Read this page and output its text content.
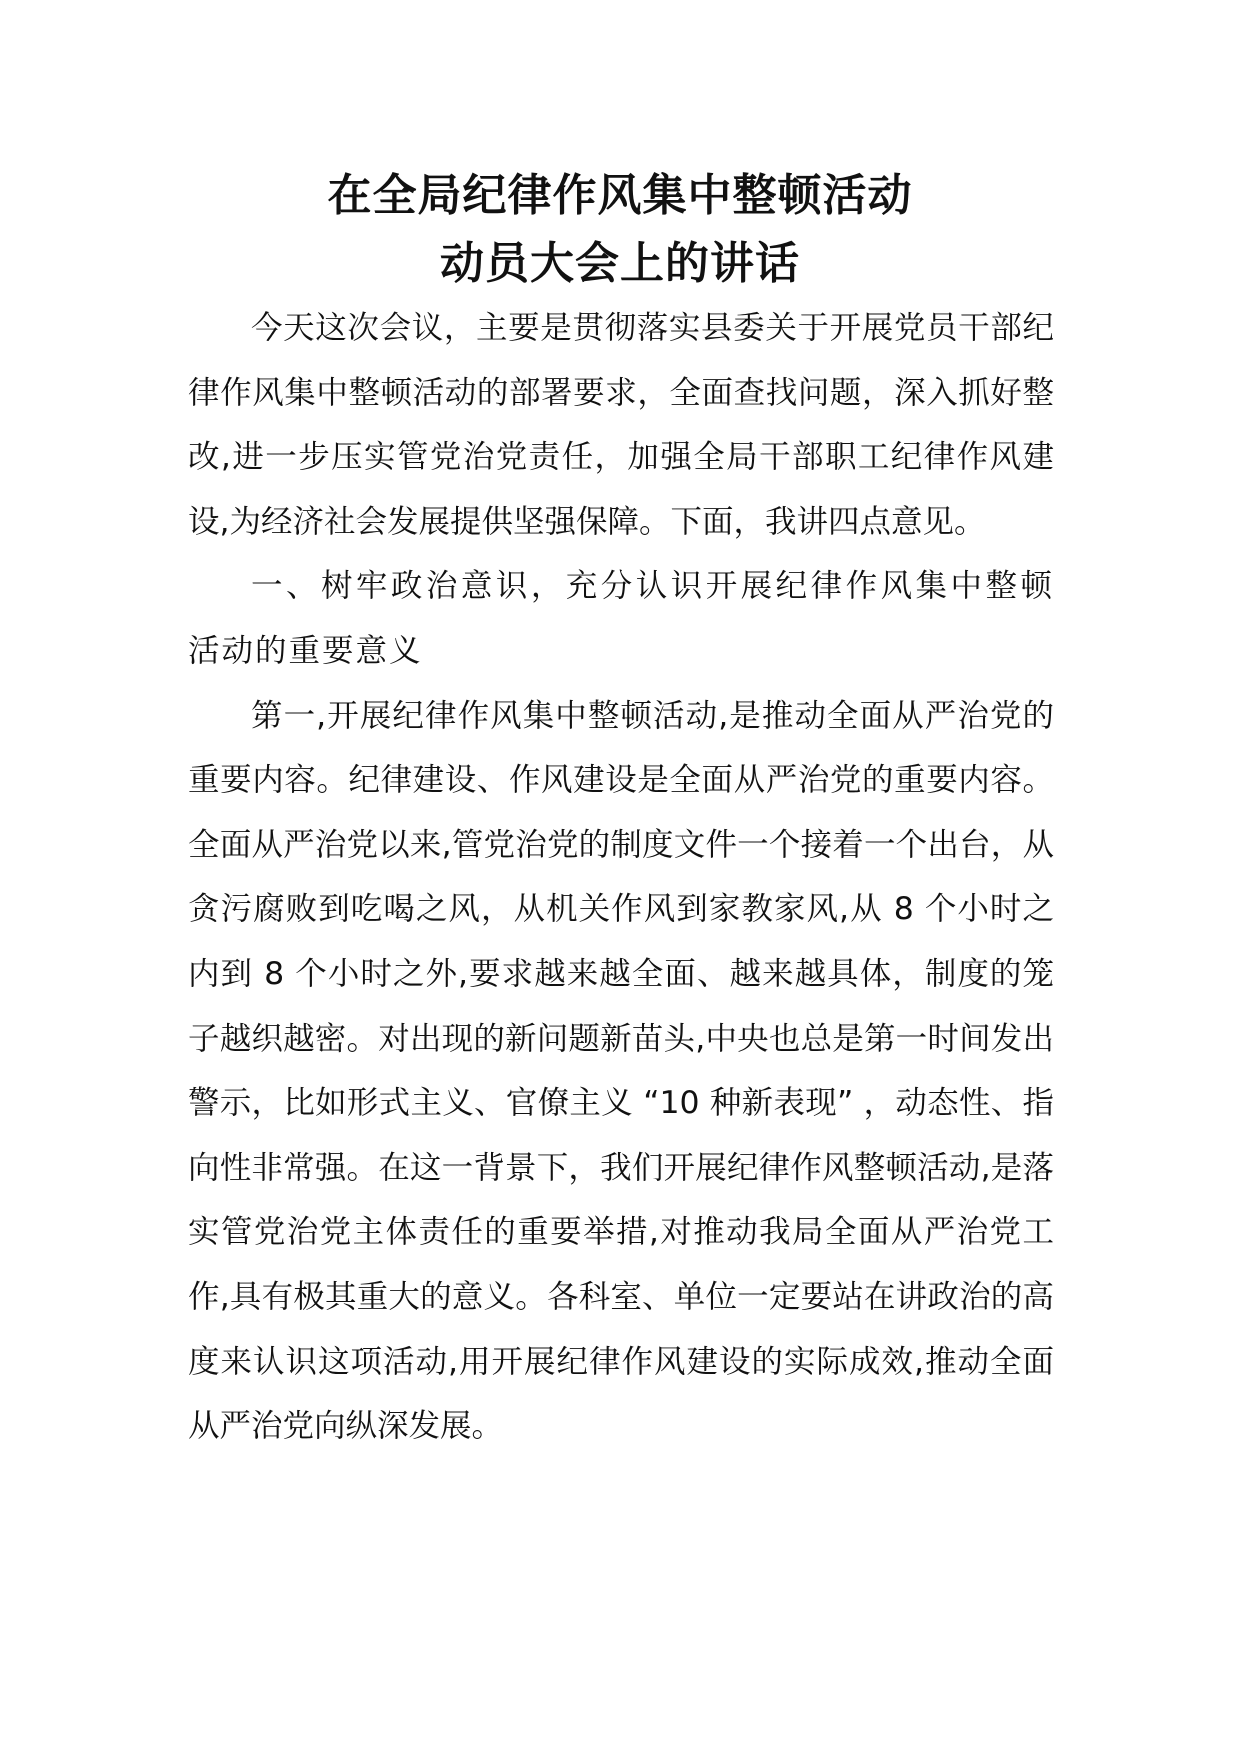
在全局纪律作风集中整顿活动
动员大会上的讲话

今天这次会议，主要是贯彻落实县委关于开展党员干部纪律作风集中整顿活动的部署要求，全面查找问题，深入抓好整改,进一步压实管党治党责任，加强全局干部职工纪律作风建设,为经济社会发展提供坚强保障。下面，我讲四点意见。

一、树牢政治意识，充分认识开展纪律作风集中整顿活动的重要意义

第一,开展纪律作风集中整顿活动,是推动全面从严治党的重要内容。纪律建设、作风建设是全面从严治党的重要内容。全面从严治党以来,管党治党的制度文件一个接着一个出台，从贪污腐败到吃喝之风，从机关作风到家教家风,从 8 个小时之内到 8 个小时之外,要求越来越全面、越来越具体，制度的笼子越织越密。对出现的新问题新苗头,中央也总是第一时间发出警示，比如形式主义、官僚主义 “10 种新表现” ，动态性、指向性非常强。在这一背景下，我们开展纪律作风整顿活动,是落实管党治党主体责任的重要举措,对推动我局全面从严治党工作,具有极其重大的意义。各科室、单位一定要站在讲政治的高度来认识这项活动,用开展纪律作风建设的实际成效,推动全面从严治党向纵深发展。
